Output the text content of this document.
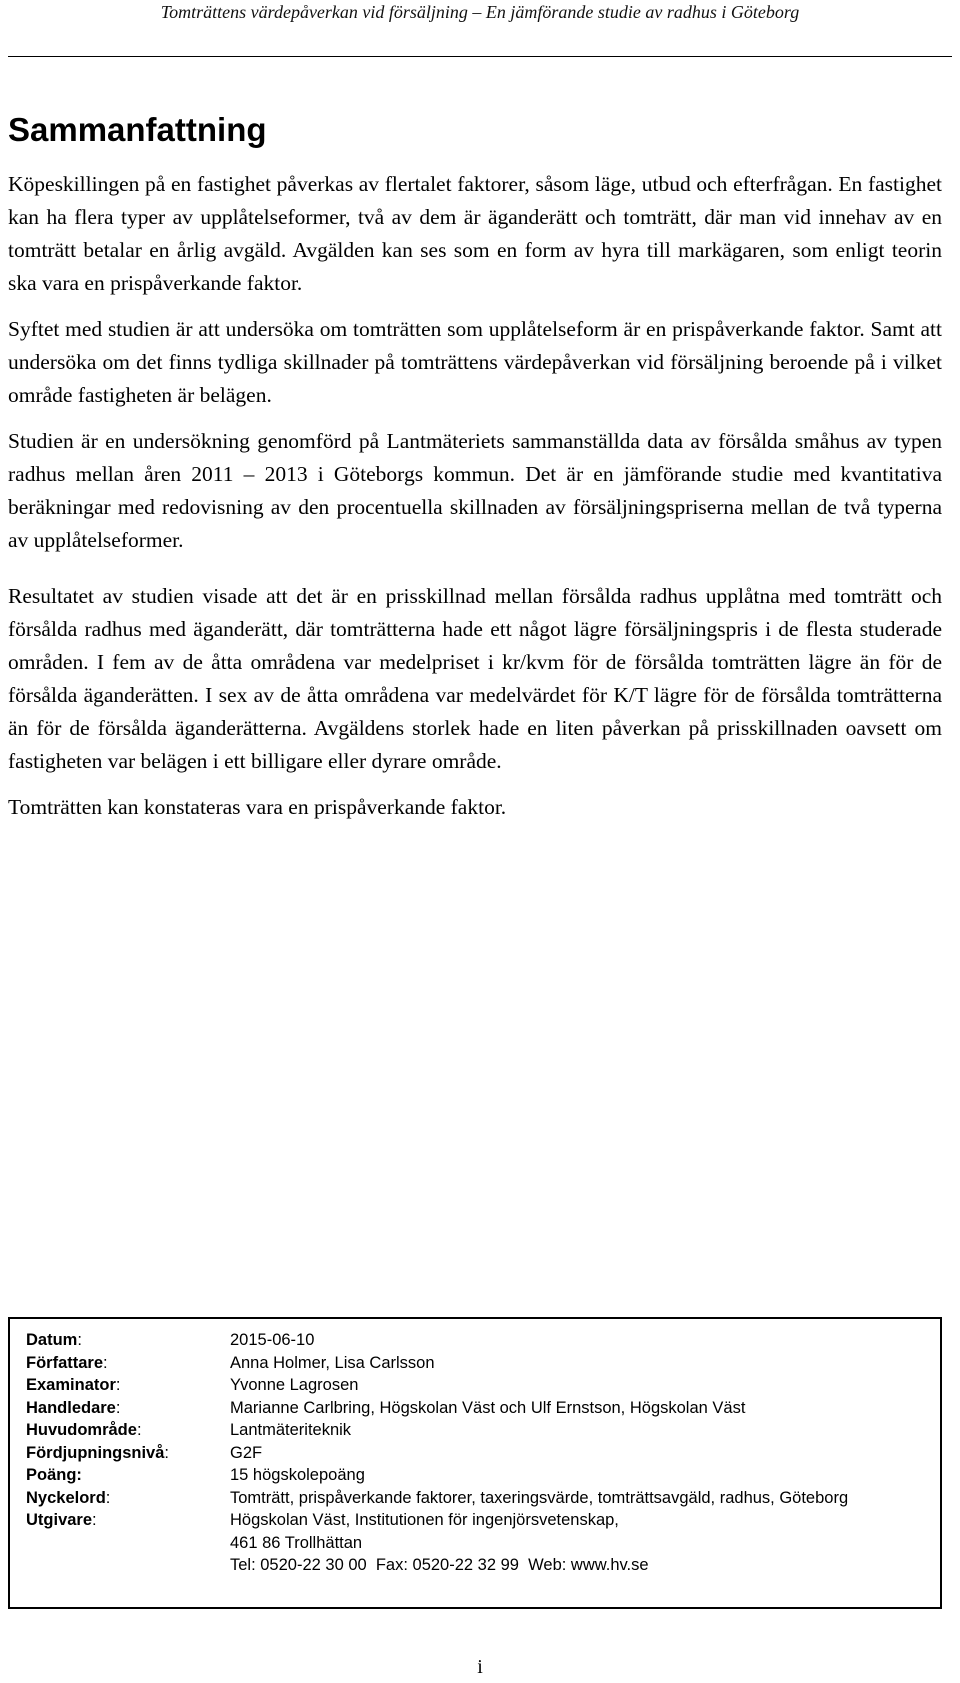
Tomträttens värdepåverkan vid försäljning – En jämförande studie av radhus i Göteborg
Sammanfattning

Köpeskillingen på en fastighet påverkas av flertalet faktorer, såsom läge, utbud och efterfrågan. En fastighet kan ha flera typer av upplåtelseformer, två av dem är äganderätt och tomträtt, där man vid innehav av en tomträtt betalar en årlig avgäld. Avgälden kan ses som en form av hyra till markägaren, som enligt teorin ska vara en prispåverkande faktor.

Syftet med studien är att undersöka om tomträtten som upplåtelseform är en prispåverkande faktor. Samt att undersöka om det finns tydliga skillnader på tomträttens värdepåverkan vid försäljning beroende på i vilket område fastigheten är belägen.

Studien är en undersökning genomförd på Lantmäteriets sammanställda data av försålda småhus av typen radhus mellan åren 2011 – 2013 i Göteborgs kommun. Det är en jämförande studie med kvantitativa beräkningar med redovisning av den procentuella skillnaden av försäljningspriserna mellan de två typerna av upplåtelseformer.

Resultatet av studien visade att det är en prisskillnad mellan försålda radhus upplåtna med tomträtt och försålda radhus med äganderätt, där tomträtterna hade ett något lägre försäljningspris i de flesta studerade områden. I fem av de åtta områdena var medelpriset i kr/kvm för de försålda tomträtten lägre än för de försålda äganderätten. I sex av de åtta områdena var medelvärdet för K/T lägre för de försålda tomträtterna än för de försålda äganderätterna. Avgäldens storlek hade en liten påverkan på prisskillnaden oavsett om fastigheten var belägen i ett billigare eller dyrare område.

Tomträtten kan konstateras vara en prispåverkande faktor.

Datum:	2015-06-10
Författare:	Anna Holmer, Lisa Carlsson
Examinator:	Yvonne Lagrosen
Handledare:	Marianne Carlbring, Högskolan Väst och Ulf Ernstson, Högskolan Väst
Huvudområde:	Lantmäteriteknik
Fördjupningsnivå:	G2F
Poäng:	15 högskolepoäng
Nyckelord:	Tomträtt, prispåverkande faktorer, taxeringsvärde, tomträttsavgäld, radhus, Göteborg
Utgivare:	Högskolan Väst, Institutionen för ingenjörsvetenskap,
461 86 Trollhättan
Tel: 0520-22 30 00  Fax: 0520-22 32 99  Web: www.hv.se
i
